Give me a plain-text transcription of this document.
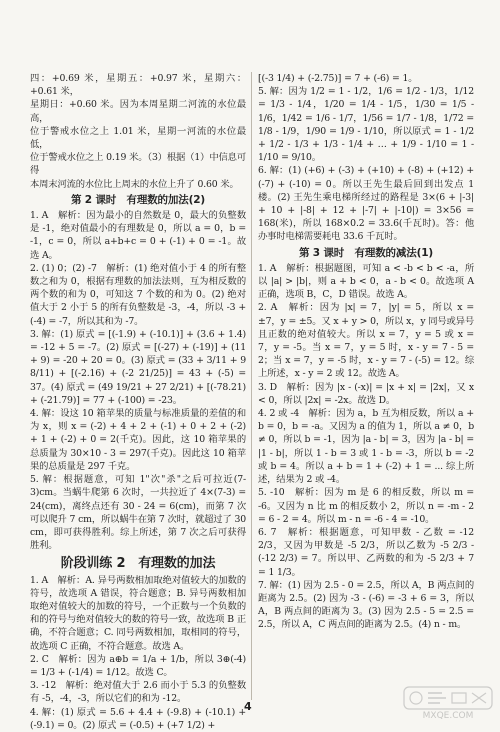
四：+0.69 米，星期五：+0.97 米，星期六：+0.61 米，

星期日：+0.60 米。因为本周星期二河流的水位最高，

位于警戒水位之上 1.01 米，星期一河流的水位最低，

位于警戒水位之上 0.19 米。（3）根据（1）中信息可得

本周末河流的水位比上周末的水位上升了 0.60 米。

第 2 课时　有理数的加法(2)

1. A　解析：因为最小的自然数是 0，最大的负整数是 -1，绝对值最小的有理数是 0，所以 a = 0，b = -1，c = 0，所以 a+b+c = 0 + (-1) + 0 = -1。故选 A。

2. (1) 0；(2) -7　解析：(1) 绝对值小于 4 的所有整数之和为 0，根据有理数的加法法则，互为相反数的两个数的和为 0，可知这 7 个数的和为 0。(2) 绝对值大于 2 小于 5 的所有负整数是 -3，-4，所以 -3 + (-4) = -7，所以其和为 -7。

3. 解：(1) 原式 = [(-1.9) + (-10.1)] + (3.6 + 1.4) = -12 + 5 = -7。(2) 原式 = [(-27) + (-19)] + (11 + 9) = -20 + 20 = 0。(3) 原式 = (33 + 3/11 + 9 8/11) + [(-2.16) + (-2 21/25)] = 43 + (-5) = 37。(4) 原式 = (49 19/21 + 27 2/21) + [(-78.21) + (-21.79)] = 77 + (-100) = -23。

4. 解：设这 10 箱苹果的质量与标准质量的差值的和为 x，则 x = (-2) + 4 + 2 + (-1) + 0 + 2 + (-2) + 1 + (-2) + 0 = 2(千克)。因此，这 10 箱苹果的总质量为 30×10 - 3 = 297(千克)。因此这 10 箱苹果的总质量是 297 千克。

5. 解：根据题意，可知 1"次"杀"之后可拉近(7-3)cm。当蜗牛爬第 6 次时，一共拉近了 4×(7-3) = 24(cm)，离终点还有 30 - 24 = 6(cm)，而第 7 次可以爬升 7 cm，所以蜗牛在第 7 次时，就超过了 30 cm，即可获得胜利。综上所述，第 7 次之后可获得胜利。

阶段训练 2　有理数的加法

1. A　解析：A. 异号两数相加取绝对值较大的加数的符号，故选项 A 错误，符合题意；B. 异号两数相加取绝对值较大的加数的符号，一个正数与一个负数的和的符号与绝对值较大的数的符号一致，故选项 B 正确，不符合题意；C. 同号两数相加，取相同的符号，故选项 C 正确，不符合题意。故选 A。

2. C　解析：因为 a⊕b = 1/a + 1/b，所以 3⊕(-4) = 1/3 + (-1/4) = 1/12。故选 C。

3. -12　解析：绝对值大于 2.6 而小于 5.3 的负整数有 -5，-4，-3，所以它们的和为 -12。

4. 解：(1) 原式 = 5.6 + 4.4 + (-9.8) + (-10.1) + (-9.1) = 0。(2) 原式 = (-0.5) + (+7 1/2) +

[(-3 1/4) + (-2.75)] = 7 + (-6) = 1。

5. 解：因为 1/2 = 1 - 1/2，1/6 = 1/2 - 1/3，1/12 = 1/3 - 1/4，1/20 = 1/4 - 1/5，1/30 = 1/5 - 1/6，1/42 = 1/6 - 1/7，1/56 = 1/7 - 1/8，1/72 = 1/8 - 1/9，1/90 = 1/9 - 1/10，所以原式 = 1 - 1/2 + 1/2 - 1/3 + 1/3 - 1/4 + … + 1/9 - 1/10 = 1 - 1/10 = 9/10。

6. 解：(1) (+6) + (-3) + (+10) + (-8) + (+12) + (-7) + (-10) = 0。所以王先生最后回到出发点 1 楼。(2) 王先生乘电梯所经过的路程是 3×(6 + |-3| + 10 + |-8| + 12 + |-7| + |-10|) = 3×56 = 168(米)，所以 168×0.2 = 33.6(千瓦时)。答：他办事时电梯需要耗电 33.6 千瓦时。

第 3 课时　有理数的减法(1)

1. A　解析：根据题图，可知 a < -b < b < -a，所以 |a| > |b|，则 a + b < 0，a - b < 0。故选项 A 正确，选项 B，C，D 错误。故选 A。

2. A　解析：因为 |x| = 7，|y| = 5，所以 x = ±7，y = ±5。又 x + y > 0，所以 x，y 同号或异号且正数的绝对值较大。所以 x = 7，y = 5 或 x = 7，y = -5。当 x = 7，y = 5 时，x - y = 7 - 5 = 2；当 x = 7，y = -5 时，x - y = 7 - (-5) = 12。综上所述，x - y = 2 或 12。故选 A。

3. D　解析：因为 |x - (-x)| = |x + x| = |2x|，又 x < 0，所以 |2x| = -2x。故选 D。

4. 2 或 -4　解析：因为 a，b 互为相反数，所以 a + b = 0，b = -a。又因为 a 的值为 1，所以 a ≠ 0，b ≠ 0，所以 b = -1，因为 |a - b| = 3，因为 |a - b| = |1 - b|，所以 1 - b = 3 或 1 - b = -3，所以 b = -2 或 b = 4。所以 a + b = 1 + (-2) + 1 = ... 综上所述，结果为 2 或 -4。

5. -10　解析：因为 m 是 6 的相反数，所以 m = -6。又因为 n 比 m 的相反数小 2，所以 n = -m - 2 = 6 - 2 = 4。所以 m - n = -6 - 4 = -10。

6. 7　解析：根据题意，可知甲数 - 乙数 = -12 2/3，又因为甲数是 -5 2/3，所以乙数为 -5 2/3 - (-12 2/3) = 7。所以甲、乙两数的和为 -5 2/3 + 7 = 1 1/3。

7. 解：(1) 因为 2.5 - 0 = 2.5，所以 A，B 两点间的距离为 2.5。(2) 因为 -3 - (-6) = -3 + 6 = 3，所以 A，B 两点间的距离为 3。(3) 因为 2.5 - 5 = 2.5 = 2.5，所以 A，C 两点间的距离为 2.5。(4) n - m。

4
MXQE.COM
